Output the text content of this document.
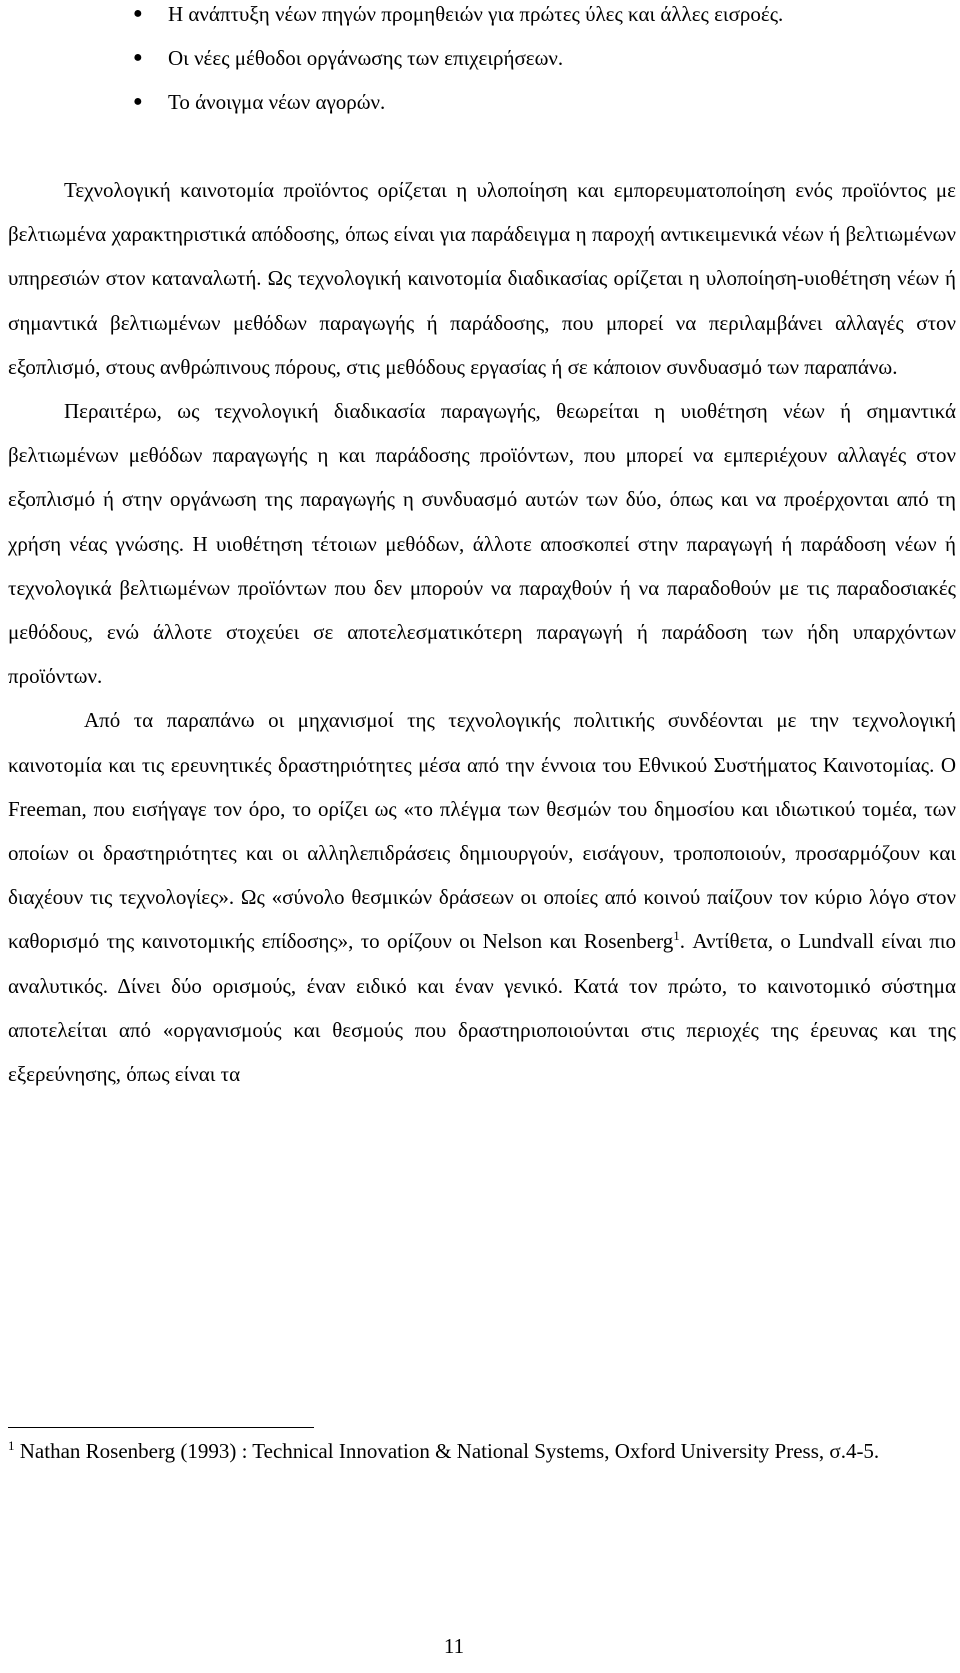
● Η ανάπτυξη νέων πηγών προμηθειών για πρώτες ύλες και άλλες εισροές.
● Οι νέες μέθοδοι οργάνωσης των επιχειρήσεων.
● Το άνοιγμα νέων αγορών.

Τεχνολογική καινοτομία προϊόντος ορίζεται η υλοποίηση και εμπορευματοποίηση ενός προϊόντος με βελτιωμένα χαρακτηριστικά απόδοσης, όπως είναι για παράδειγμα η παροχή αντικειμενικά νέων ή βελτιωμένων υπηρεσιών στον καταναλωτή. Ως τεχνολογική καινοτομία διαδικασίας ορίζεται η υλοποίηση-υιοθέτηση νέων ή σημαντικά βελτιωμένων μεθόδων παραγωγής ή παράδοσης, που μπορεί να περιλαμβάνει αλλαγές στον εξοπλισμό, στους ανθρώπινους πόρους, στις μεθόδους εργασίας ή σε κάποιον συνδυασμό των παραπάνω.

Περαιτέρω, ως τεχνολογική διαδικασία παραγωγής, θεωρείται η υιοθέτηση νέων ή σημαντικά βελτιωμένων μεθόδων παραγωγής η και παράδοσης προϊόντων, που μπορεί να εμπεριέχουν αλλαγές στον εξοπλισμό ή στην οργάνωση της παραγωγής η συνδυασμό αυτών των δύο, όπως και να προέρχονται από τη χρήση νέας γνώσης. Η υιοθέτηση τέτοιων μεθόδων, άλλοτε αποσκοπεί στην παραγωγή ή παράδοση νέων ή τεχνολογικά βελτιωμένων προϊόντων που δεν μπορούν να παραχθούν ή να παραδοθούν με τις παραδοσιακές μεθόδους, ενώ άλλοτε στοχεύει σε αποτελεσματικότερη παραγωγή ή παράδοση των ήδη υπαρχόντων προϊόντων.

Από τα παραπάνω οι μηχανισμοί της τεχνολογικής πολιτικής συνδέονται με την τεχνολογική καινοτομία και τις ερευνητικές δραστηριότητες μέσα από την έννοια του Εθνικού Συστήματος Καινοτομίας. Ο Freeman, που εισήγαγε τον όρο, το ορίζει ως «το πλέγμα των θεσμών του δημοσίου και ιδιωτικού τομέα, των οποίων οι δραστηριότητες και οι αλληλεπιδράσεις δημιουργούν, εισάγουν, τροποποιούν, προσαρμόζουν και διαχέουν τις τεχνολογίες». Ως «σύνολο θεσμικών δράσεων οι οποίες από κοινού παίζουν τον κύριο λόγο στον καθορισμό της καινοτομικής επίδοσης», το ορίζουν οι Nelson και Rosenberg$^1$. Αντίθετα, ο Lundvall είναι πιο αναλυτικός. Δίνει δύο ορισμούς, έναν ειδικό και έναν γενικό. Κατά τον πρώτο, το καινοτομικό σύστημα αποτελείται από «οργανισμούς και θεσμούς που δραστηριοποιούνται στις περιοχές της έρευνας και της εξερεύνησης, όπως είναι τα

$^1$ Nathan Rosenberg (1993) : Technical Innovation & National Systems, Oxford University Press, σ.4-5.
11
